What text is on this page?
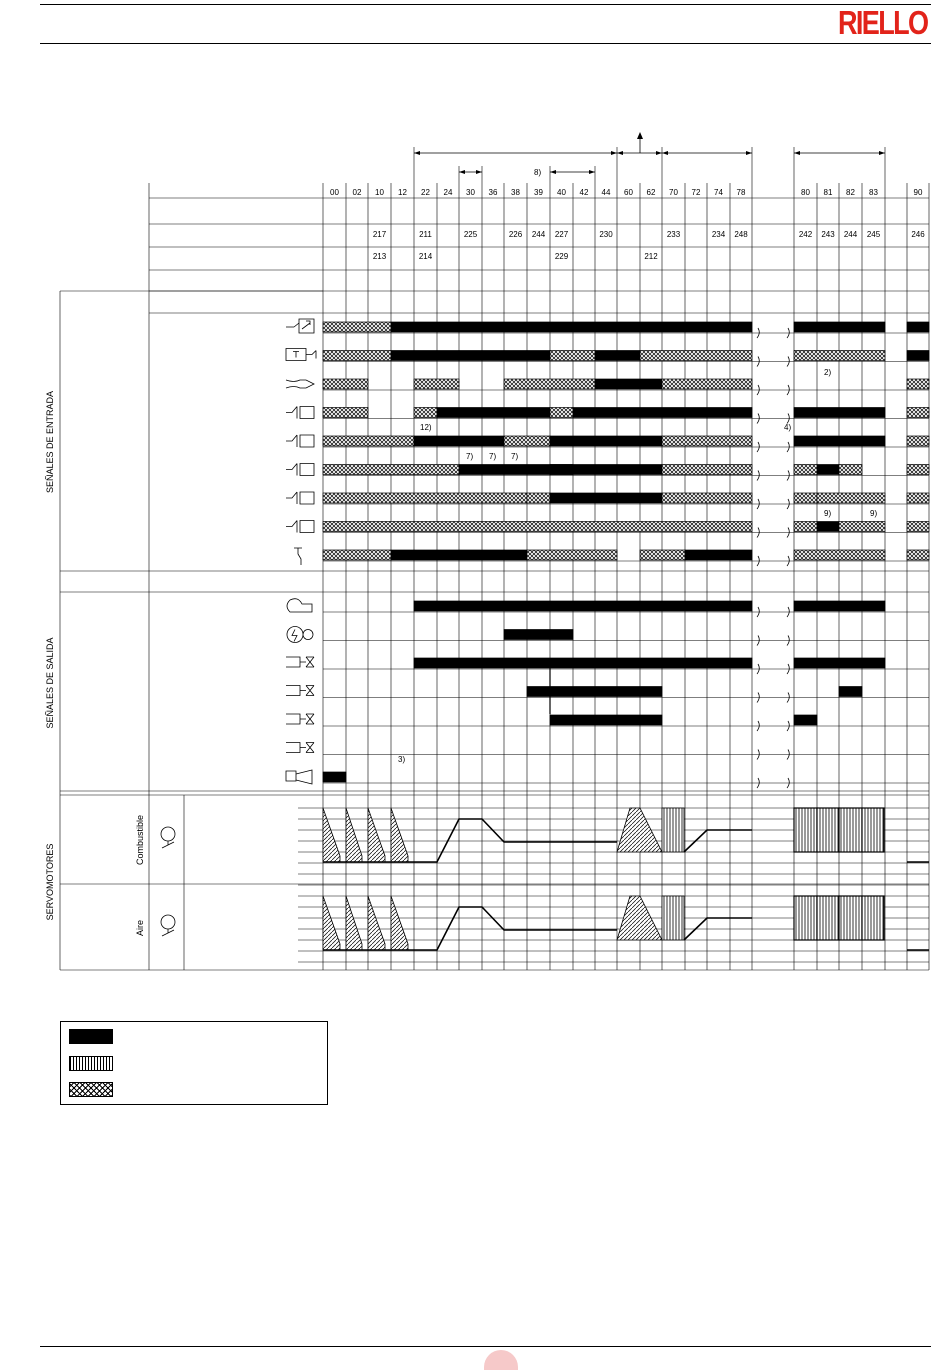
RIELLO
00 02 10 12 22 24 30 36 38 39 40 42 44 60 62 70 72 74 78	80 81 82 83	90
217	211	225	226 244 227	230	233	234 248	242 243 244 245	246
213	214	229	212
8)
2)
12)	4)
7) 7) 7)
9)	9)
3)
SEÑALES DE ENTRADA
SEÑALES DE SALIDA
SERVOMOTORES
Combustible
Aire
